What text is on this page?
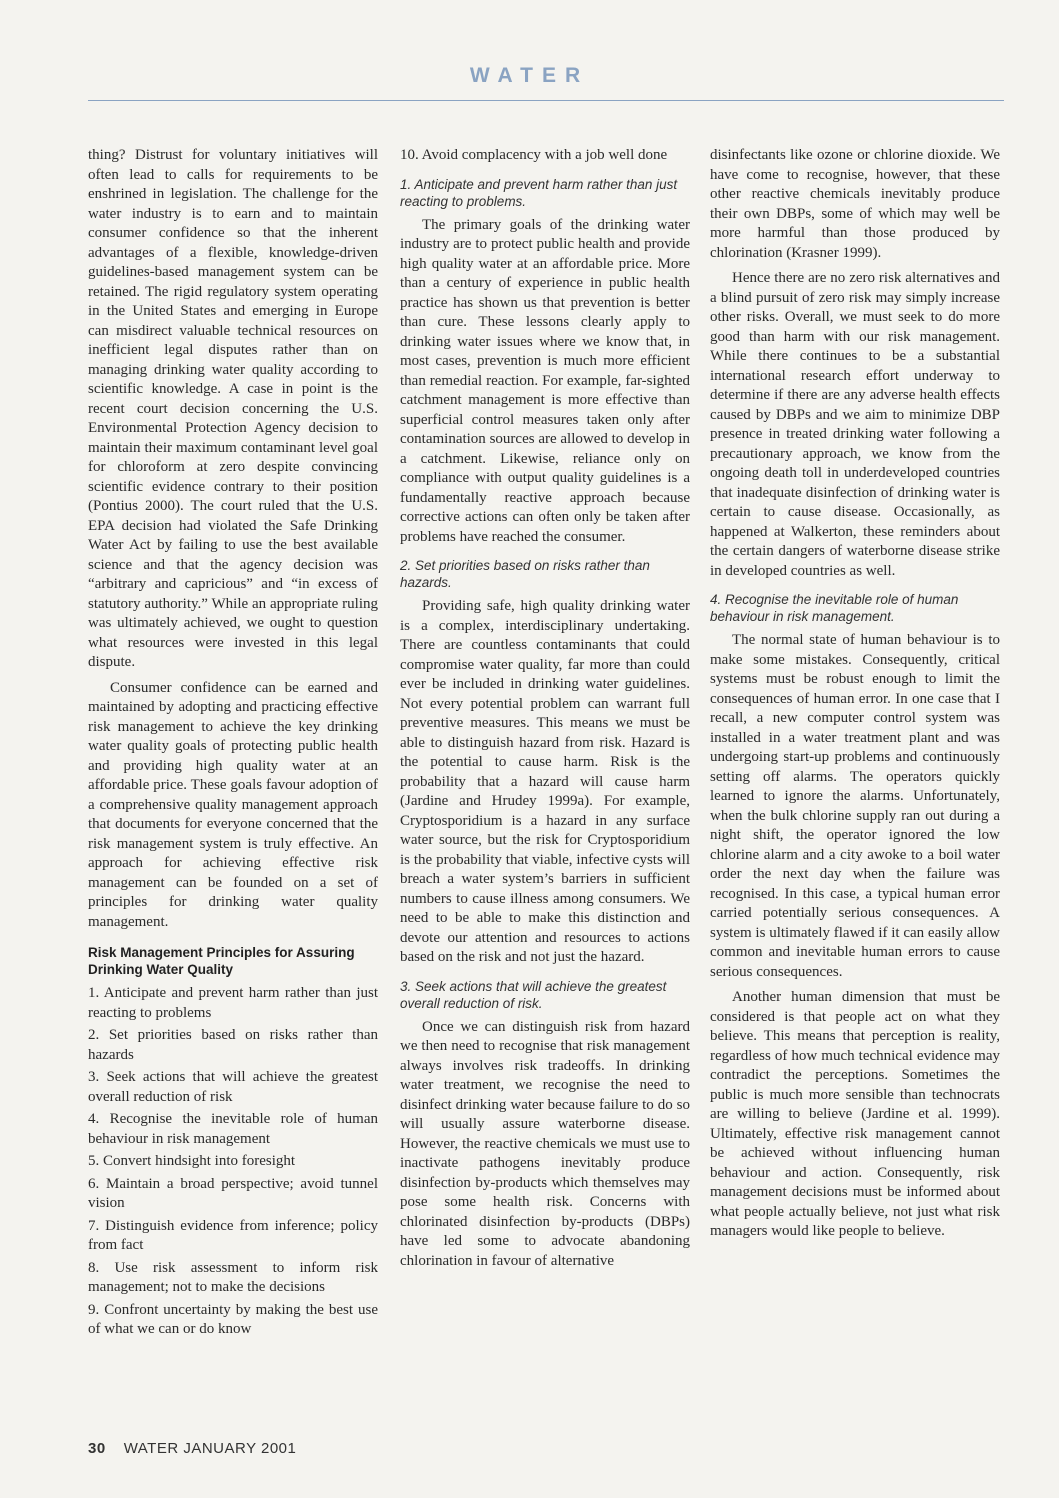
WATER

thing? Distrust for voluntary initiatives will often lead to calls for requirements to be enshrined in legislation. The challenge for the water industry is to earn and to maintain consumer confidence so that the inherent advantages of a flexible, knowledge-driven guidelines-based management system can be retained. The rigid regulatory system operating in the United States and emerging in Europe can misdirect valuable technical resources on inefficient legal disputes rather than on managing drinking water quality according to scientific knowledge. A case in point is the recent court decision concerning the U.S. Environmental Protection Agency decision to maintain their maximum contaminant level goal for chloroform at zero despite convincing scientific evidence contrary to their position (Pontius 2000). The court ruled that the U.S. EPA decision had violated the Safe Drinking Water Act by failing to use the best available science and that the agency decision was “arbitrary and capricious” and “in excess of statutory authority.” While an appropriate ruling was ultimately achieved, we ought to question what resources were invested in this legal dispute.

Consumer confidence can be earned and maintained by adopting and practicing effective risk management to achieve the key drinking water quality goals of protecting public health and providing high quality water at an affordable price. These goals favour adoption of a comprehensive quality management approach that documents for everyone concerned that the risk management system is truly effective. An approach for achieving effective risk management can be founded on a set of principles for drinking water quality management.

Risk Management Principles for Assuring Drinking Water Quality
1. Anticipate and prevent harm rather than just reacting to problems
2. Set priorities based on risks rather than hazards
3. Seek actions that will achieve the greatest overall reduction of risk
4. Recognise the inevitable role of human behaviour in risk management
5. Convert hindsight into foresight
6. Maintain a broad perspective; avoid tunnel vision
7. Distinguish evidence from inference; policy from fact
8. Use risk assessment to inform risk management; not to make the decisions
9. Confront uncertainty by making the best use of what we can or do know

10. Avoid complacency with a job well done

1. Anticipate and prevent harm rather than just reacting to problems.

The primary goals of the drinking water industry are to protect public health and provide high quality water at an affordable price. More than a century of experience in public health practice has shown us that prevention is better than cure. These lessons clearly apply to drinking water issues where we know that, in most cases, prevention is much more efficient than remedial reaction. For example, far-sighted catchment management is more effective than superficial control measures taken only after contamination sources are allowed to develop in a catchment. Likewise, reliance only on compliance with output quality guidelines is a fundamentally reactive approach because corrective actions can often only be taken after problems have reached the consumer.

2. Set priorities based on risks rather than hazards.

Providing safe, high quality drinking water is a complex, interdisciplinary undertaking. There are countless contaminants that could compromise water quality, far more than could ever be included in drinking water guidelines. Not every potential problem can warrant full preventive measures. This means we must be able to distinguish hazard from risk. Hazard is the potential to cause harm. Risk is the probability that a hazard will cause harm (Jardine and Hrudey 1999a). For example, Cryptosporidium is a hazard in any surface water source, but the risk for Cryptosporidium is the probability that viable, infective cysts will breach a water system’s barriers in sufficient numbers to cause illness among consumers. We need to be able to make this distinction and devote our attention and resources to actions based on the risk and not just the hazard.

3. Seek actions that will achieve the greatest overall reduction of risk.

Once we can distinguish risk from hazard we then need to recognise that risk management always involves risk tradeoffs. In drinking water treatment, we recognise the need to disinfect drinking water because failure to do so will usually assure waterborne disease. However, the reactive chemicals we must use to inactivate pathogens inevitably produce disinfection by-products which themselves may pose some health risk. Concerns with chlorinated disinfection by-products (DBPs) have led some to advocate abandoning chlorination in favour of alternative

disinfectants like ozone or chlorine dioxide. We have come to recognise, however, that these other reactive chemicals inevitably produce their own DBPs, some of which may well be more harmful than those produced by chlorination (Krasner 1999).

Hence there are no zero risk alternatives and a blind pursuit of zero risk may simply increase other risks. Overall, we must seek to do more good than harm with our risk management. While there continues to be a substantial international research effort underway to determine if there are any adverse health effects caused by DBPs and we aim to minimize DBP presence in treated drinking water following a precautionary approach, we know from the ongoing death toll in underdeveloped countries that inadequate disinfection of drinking water is certain to cause disease. Occasionally, as happened at Walkerton, these reminders about the certain dangers of waterborne disease strike in developed countries as well.

4. Recognise the inevitable role of human behaviour in risk management.

The normal state of human behaviour is to make some mistakes. Consequently, critical systems must be robust enough to limit the consequences of human error. In one case that I recall, a new computer control system was installed in a water treatment plant and was undergoing start-up problems and continuously setting off alarms. The operators quickly learned to ignore the alarms. Unfortunately, when the bulk chlorine supply ran out during a night shift, the operator ignored the low chlorine alarm and a city awoke to a boil water order the next day when the failure was recognised. In this case, a typical human error carried potentially serious consequences. A system is ultimately flawed if it can easily allow common and inevitable human errors to cause serious consequences.

Another human dimension that must be considered is that people act on what they believe. This means that perception is reality, regardless of how much technical evidence may contradict the perceptions. Sometimes the public is much more sensible than technocrats are willing to believe (Jardine et al. 1999). Ultimately, effective risk management cannot be achieved without influencing human behaviour and action. Consequently, risk management decisions must be informed about what people actually believe, not just what risk managers would like people to believe.

30 WATER JANUARY 2001
